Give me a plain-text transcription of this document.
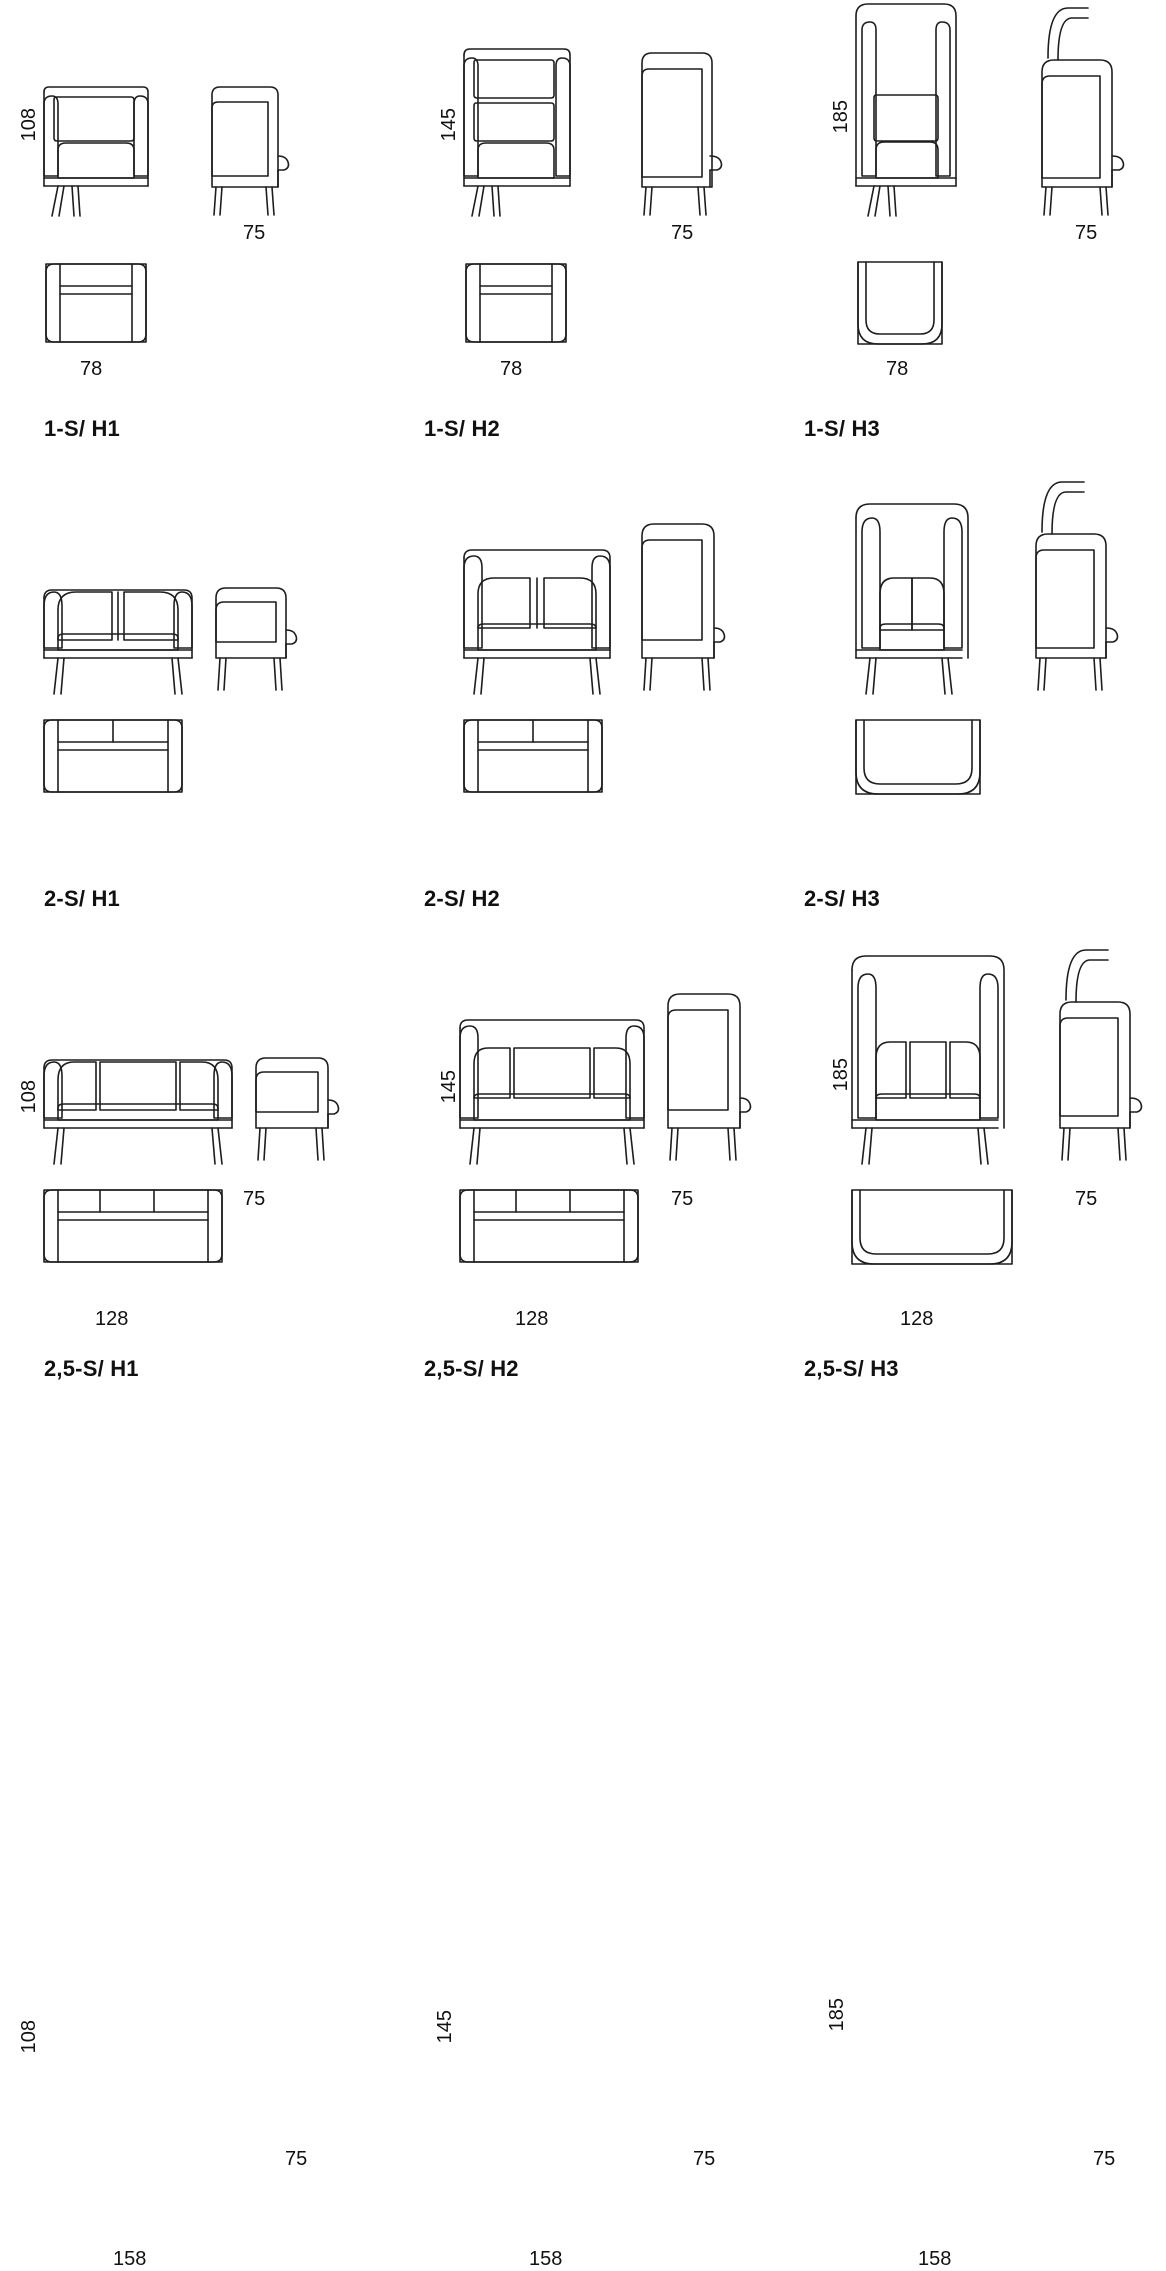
108
75
78
1-S/ H1
145
75
78
1-S/ H2
185
75
78
1-S/ H3
108
75
128
2-S/ H1
145
75
128
2-S/ H2
185
75
128
2-S/ H3
108
75
158
2,5-S/ H1
145
75
158
2,5-S/ H2
185
75
158
2,5-S/ H3
